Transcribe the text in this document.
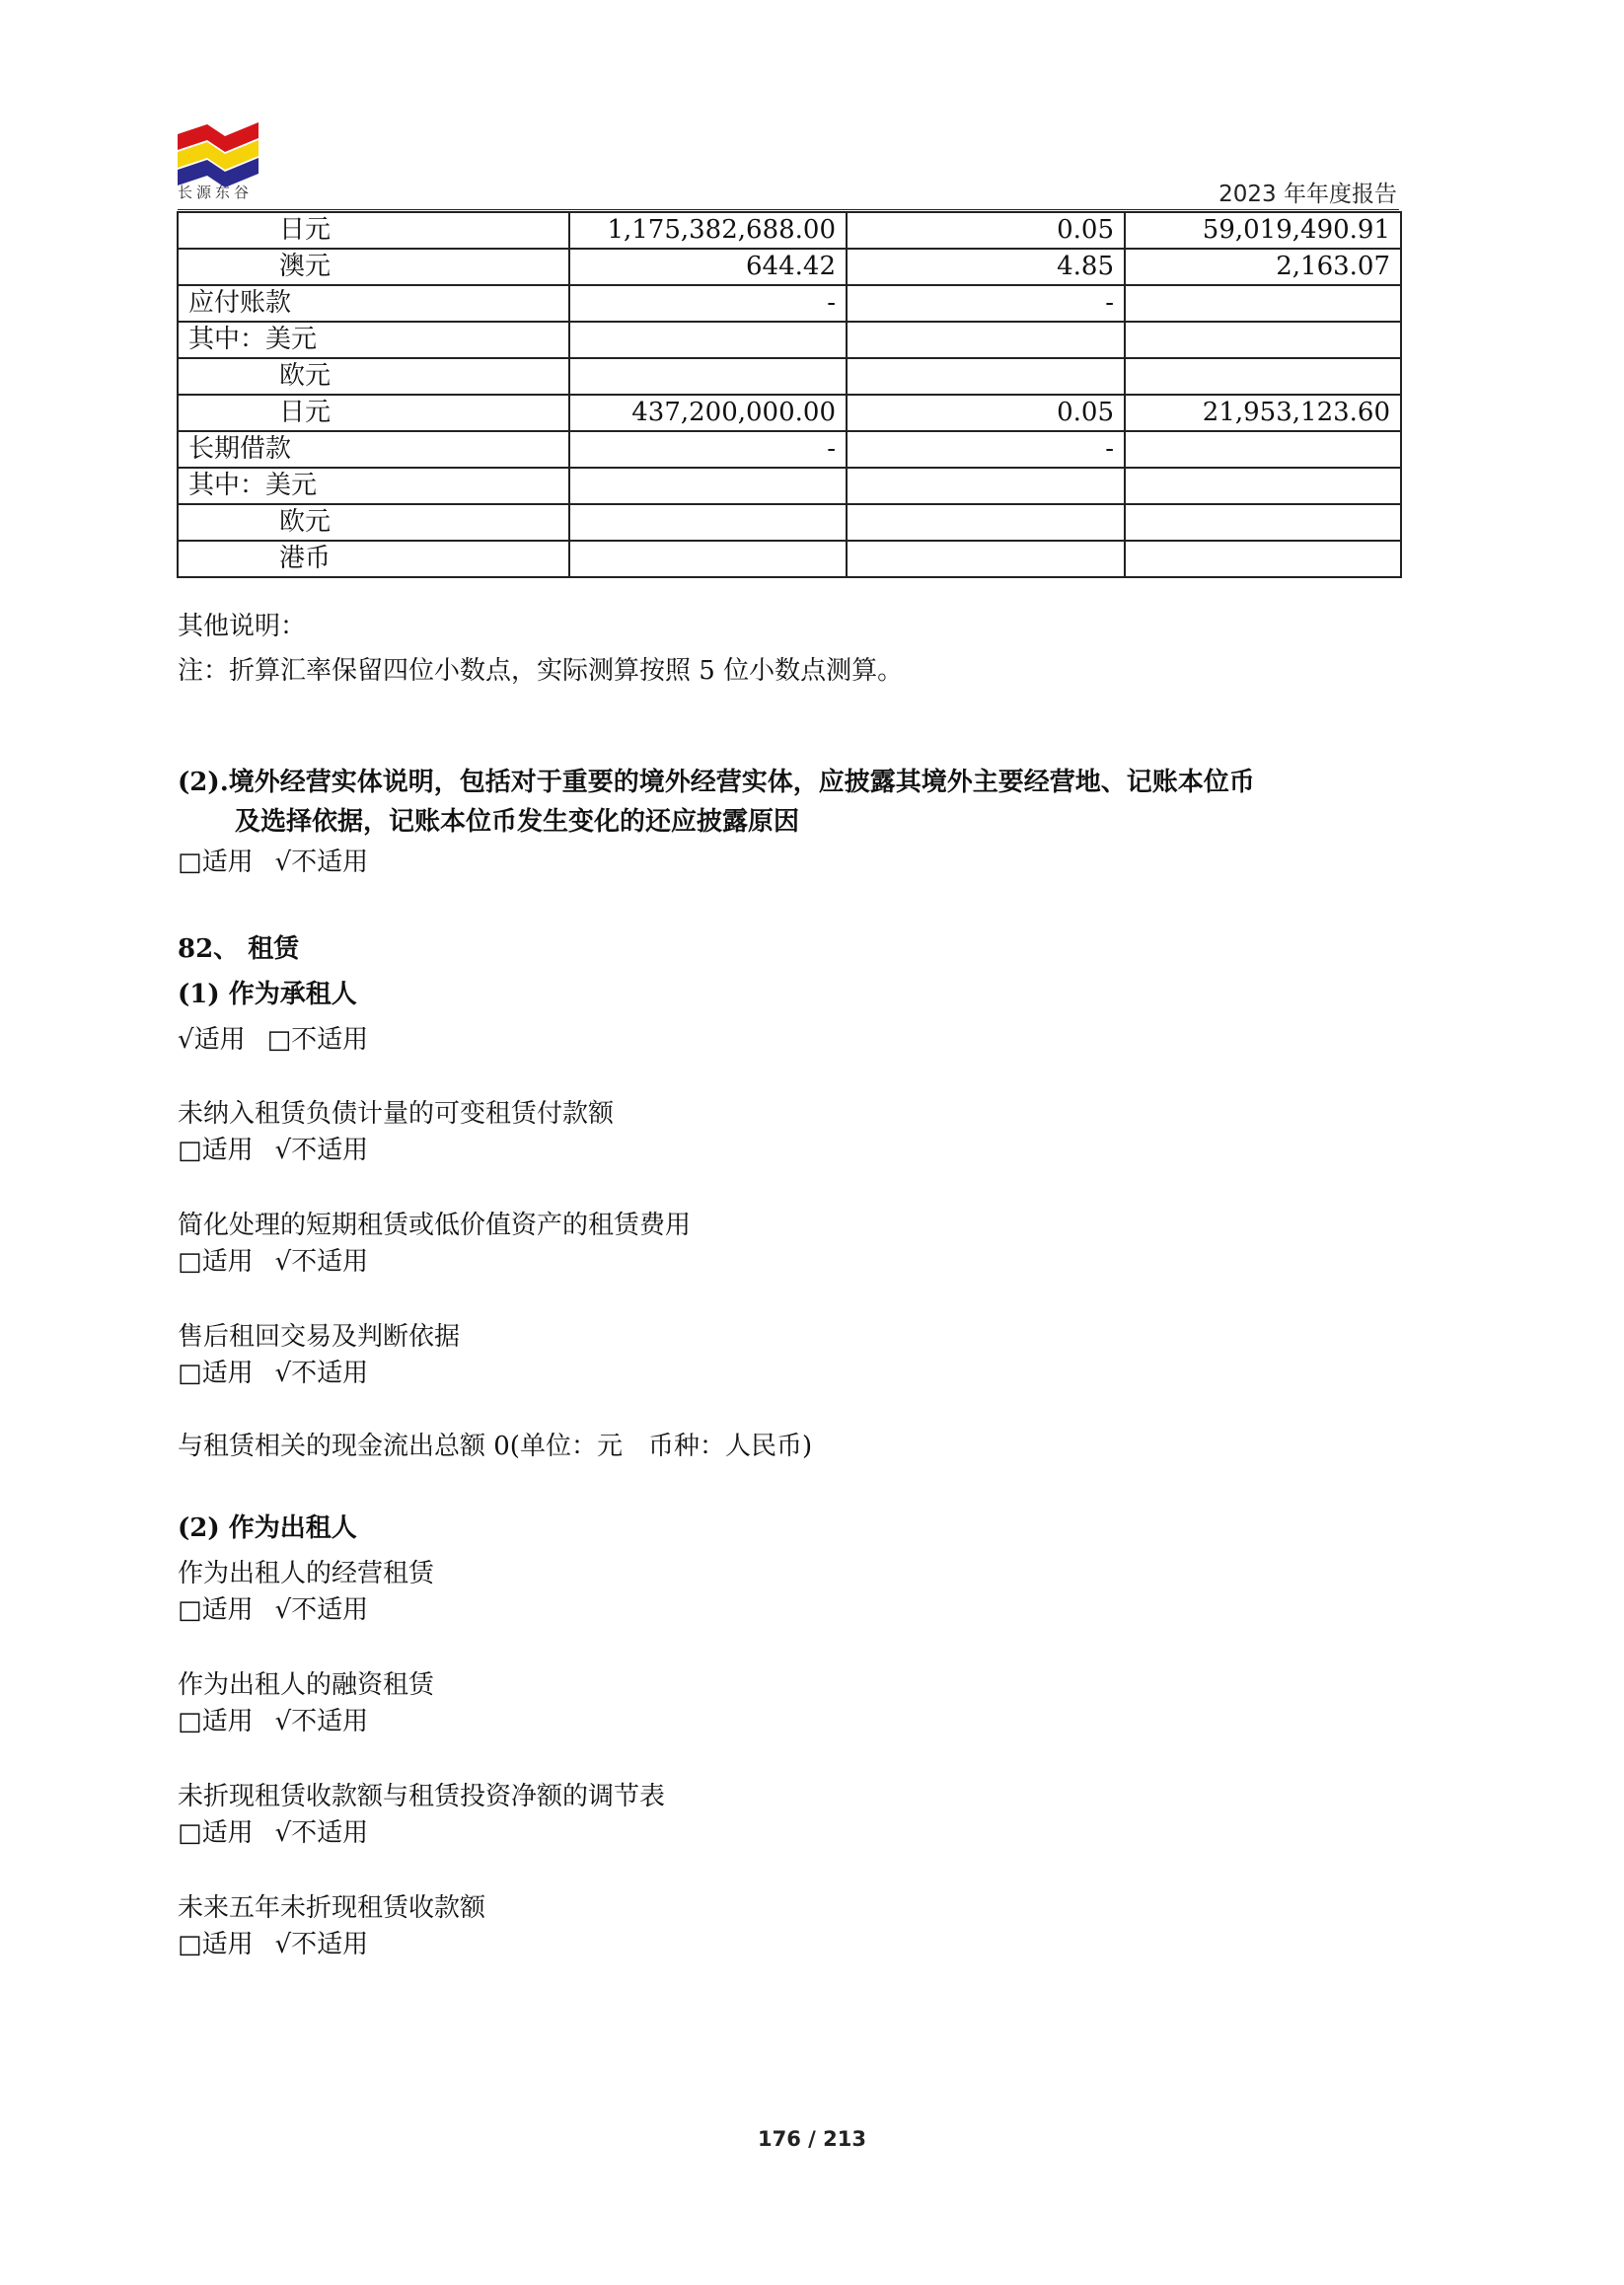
长源东谷	2023 年年度报告
日元	1,175,382,688.00	0.05	59,019,490.91
澳元	644.42	4.85	2,163.07
应付账款	-	-	
其中：美元			
欧元			
日元	437,200,000.00	0.05	21,953,123.60
长期借款	-	-	
其中：美元			
欧元			
港币			
其他说明：
注：折算汇率保留四位小数点，实际测算按照 5 位小数点测算。
(2).境外经营实体说明，包括对于重要的境外经营实体，应披露其境外主要经营地、记账本位币
及选择依据，记账本位币发生变化的还应披露原因
□适用 √不适用
82、 租赁
(1) 作为承租人
√适用 □不适用
未纳入租赁负债计量的可变租赁付款额
□适用 √不适用
简化处理的短期租赁或低价值资产的租赁费用
□适用 √不适用
售后租回交易及判断依据
□适用 √不适用
与租赁相关的现金流出总额 0(单位：元　币种：人民币)
(2) 作为出租人
作为出租人的经营租赁
□适用 √不适用
作为出租人的融资租赁
□适用 √不适用
未折现租赁收款额与租赁投资净额的调节表
□适用 √不适用
未来五年未折现租赁收款额
□适用 √不适用
176 / 213
